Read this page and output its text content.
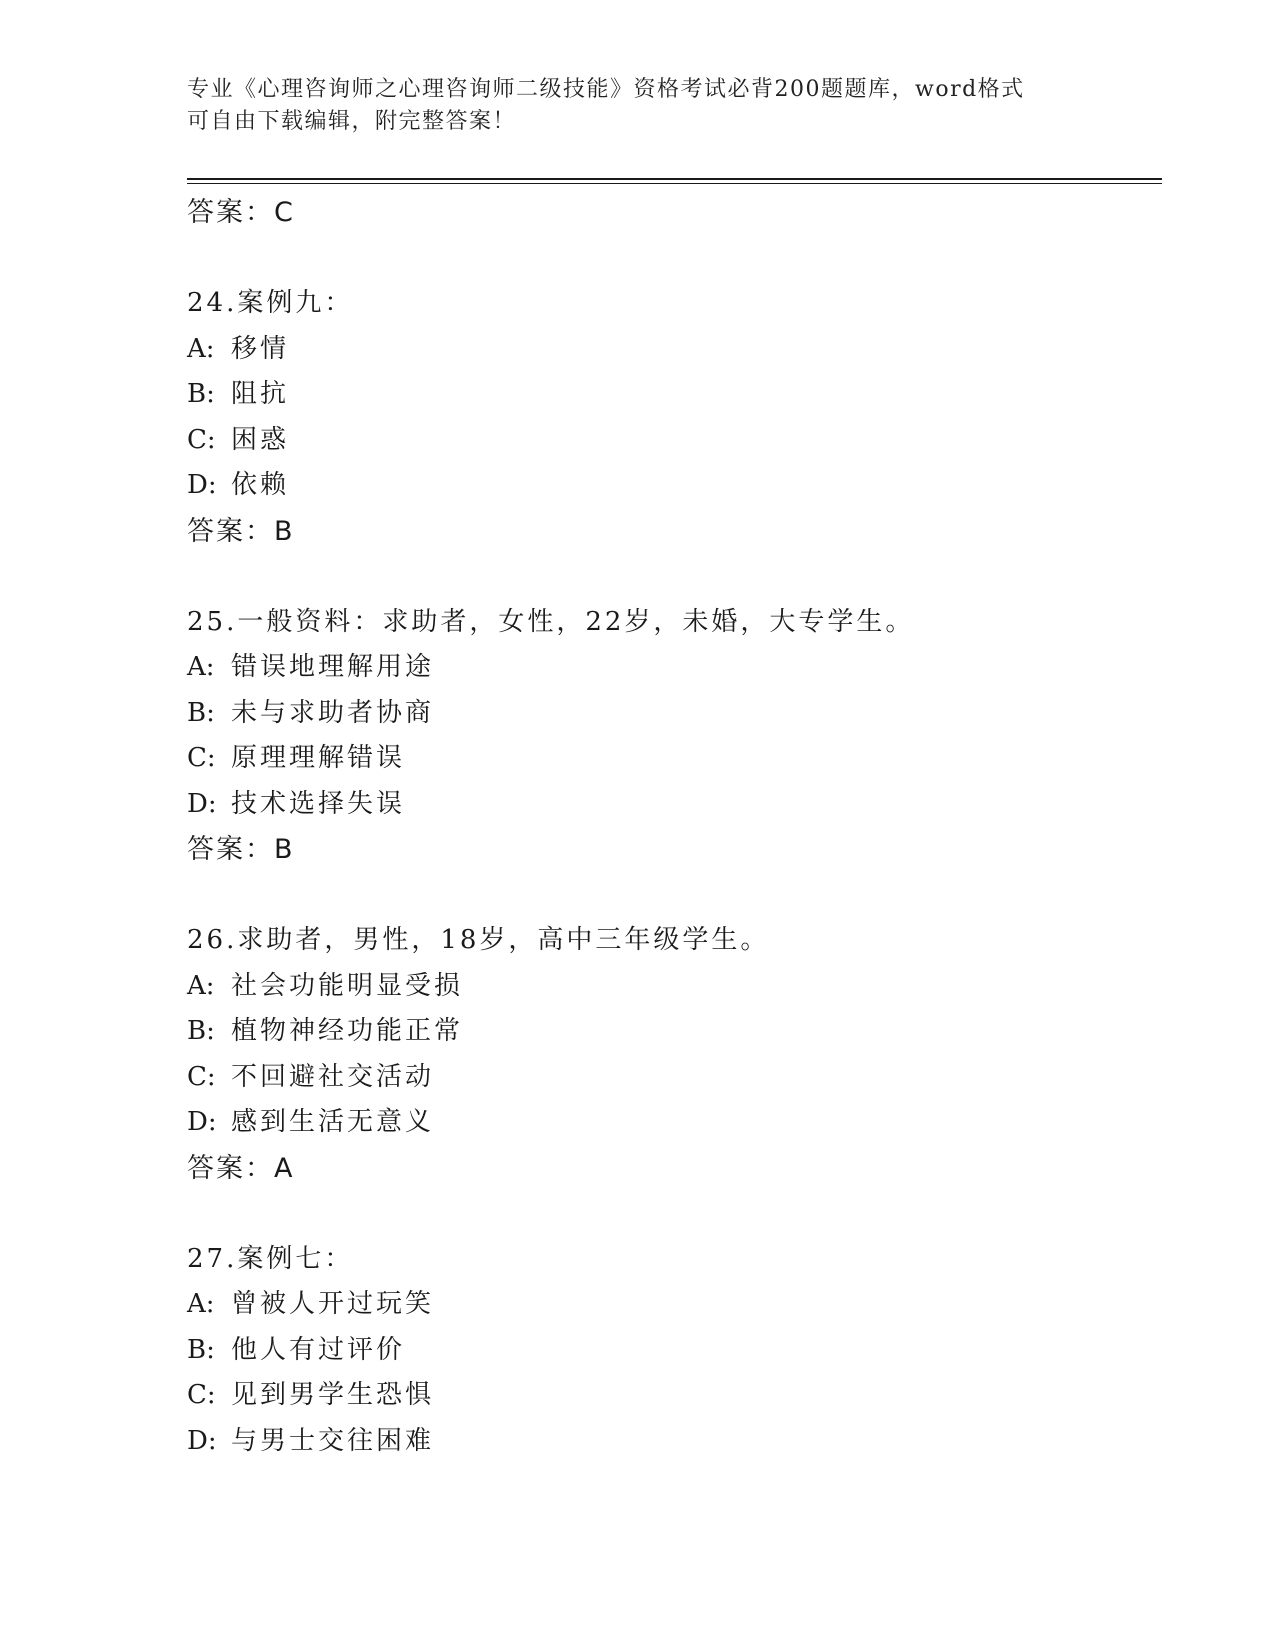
专业《心理咨询师之心理咨询师二级技能》资格考试必背200题题库，word格式
可自由下载编辑，附完整答案！
答案：C
24.案例九：
A: 移情
B: 阻抗
C: 困惑
D: 依赖
答案：B
25.一般资料：求助者，女性，22岁，未婚，大专学生。
A: 错误地理解用途
B: 未与求助者协商
C: 原理理解错误
D: 技术选择失误
答案：B
26.求助者，男性，18岁，高中三年级学生。
A: 社会功能明显受损
B: 植物神经功能正常
C: 不回避社交活动
D: 感到生活无意义
答案：A
27.案例七：
A: 曾被人开过玩笑
B: 他人有过评价
C: 见到男学生恐惧
D: 与男士交往困难
